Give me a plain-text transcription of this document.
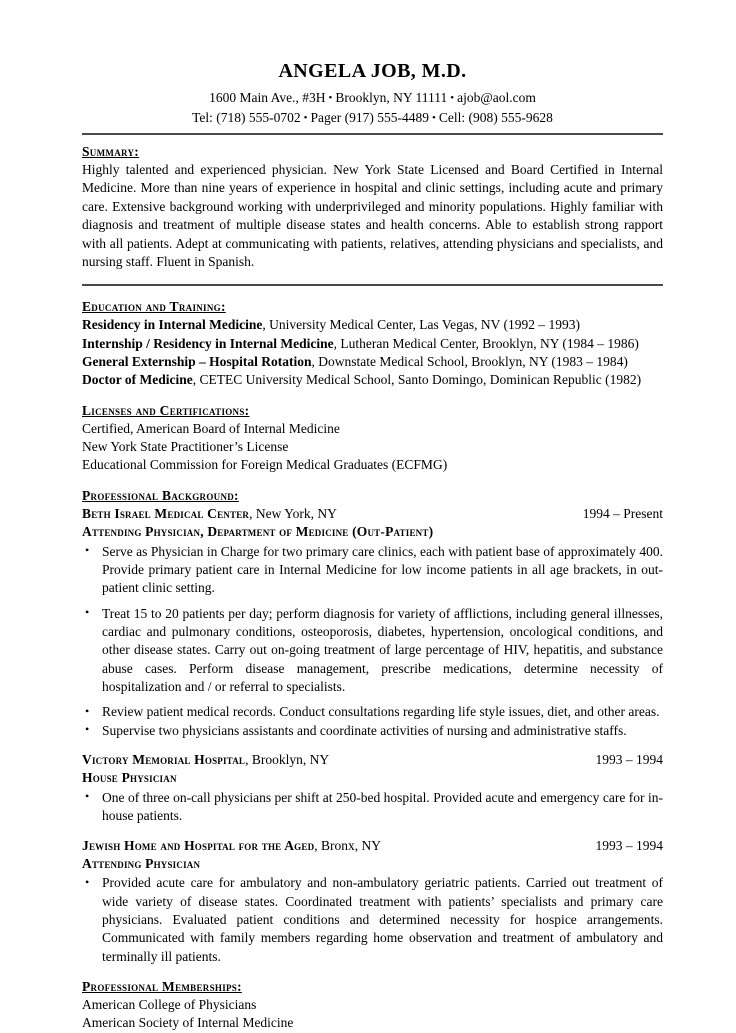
ANGELA JOB, M.D.

1600 Main Ave., #3H • Brooklyn, NY 11111 • ajob@aol.com

Tel: (718) 555-0702 • Pager (917) 555-4489 • Cell: (908) 555-9628

Summary:

Highly talented and experienced physician. New York State Licensed and Board Certified in Internal Medicine. More than nine years of experience in hospital and clinic settings, including acute and primary care. Extensive background working with underprivileged and minority populations. Highly familiar with diagnosis and treatment of multiple disease states and health concerns. Able to establish strong rapport with all patients. Adept at communicating with patients, relatives, attending physicians and specialists, and nursing staff. Fluent in Spanish.

Education and Training:

Residency in Internal Medicine, University Medical Center, Las Vegas, NV (1992 – 1993)

Internship / Residency in Internal Medicine, Lutheran Medical Center, Brooklyn, NY (1984 – 1986)

General Externship – Hospital Rotation, Downstate Medical School, Brooklyn, NY (1983 – 1984)

Doctor of Medicine, CETEC University Medical School, Santo Domingo, Dominican Republic (1982)

Licenses and Certifications:

Certified, American Board of Internal Medicine

New York State Practitioner’s License

Educational Commission for Foreign Medical Graduates (ECFMG)

Professional Background:
Beth Israel Medical Center, New York, NY	1994 – Present

Attending Physician, Department of Medicine (Out-Patient)

• Serve as Physician in Charge for two primary care clinics, each with patient base of approximately 400. Provide primary patient care in Internal Medicine for low income patients in all age brackets, in out-patient clinic setting.
• Treat 15 to 20 patients per day; perform diagnosis for variety of afflictions, including general illnesses, cardiac and pulmonary conditions, osteoporosis, diabetes, hypertension, oncological conditions, and other disease states. Carry out on-going treatment of large percentage of HIV, hepatitis, and substance abuse cases. Perform disease management, prescribe medications, determine necessity of hospitalization and / or referral to specialists.
• Review patient medical records. Conduct consultations regarding life style issues, diet, and other areas.
• Supervise two physicians assistants and coordinate activities of nursing and administrative staffs.
Victory Memorial Hospital, Brooklyn, NY	1993 – 1994

House Physician

• One of three on-call physicians per shift at 250-bed hospital. Provided acute and emergency care for in-house patients.
Jewish Home and Hospital for the Aged, Bronx, NY	1993 – 1994

Attending Physician

• Provided acute care for ambulatory and non-ambulatory geriatric patients. Carried out treatment of wide variety of disease states. Coordinated treatment with patients’ specialists and primary care physicians. Evaluated patient conditions and determined necessity for hospice arrangements. Communicated with family members regarding home observation and treatment of ambulatory and terminally ill patients.
Professional Memberships:

American College of Physicians

American Society of Internal Medicine
